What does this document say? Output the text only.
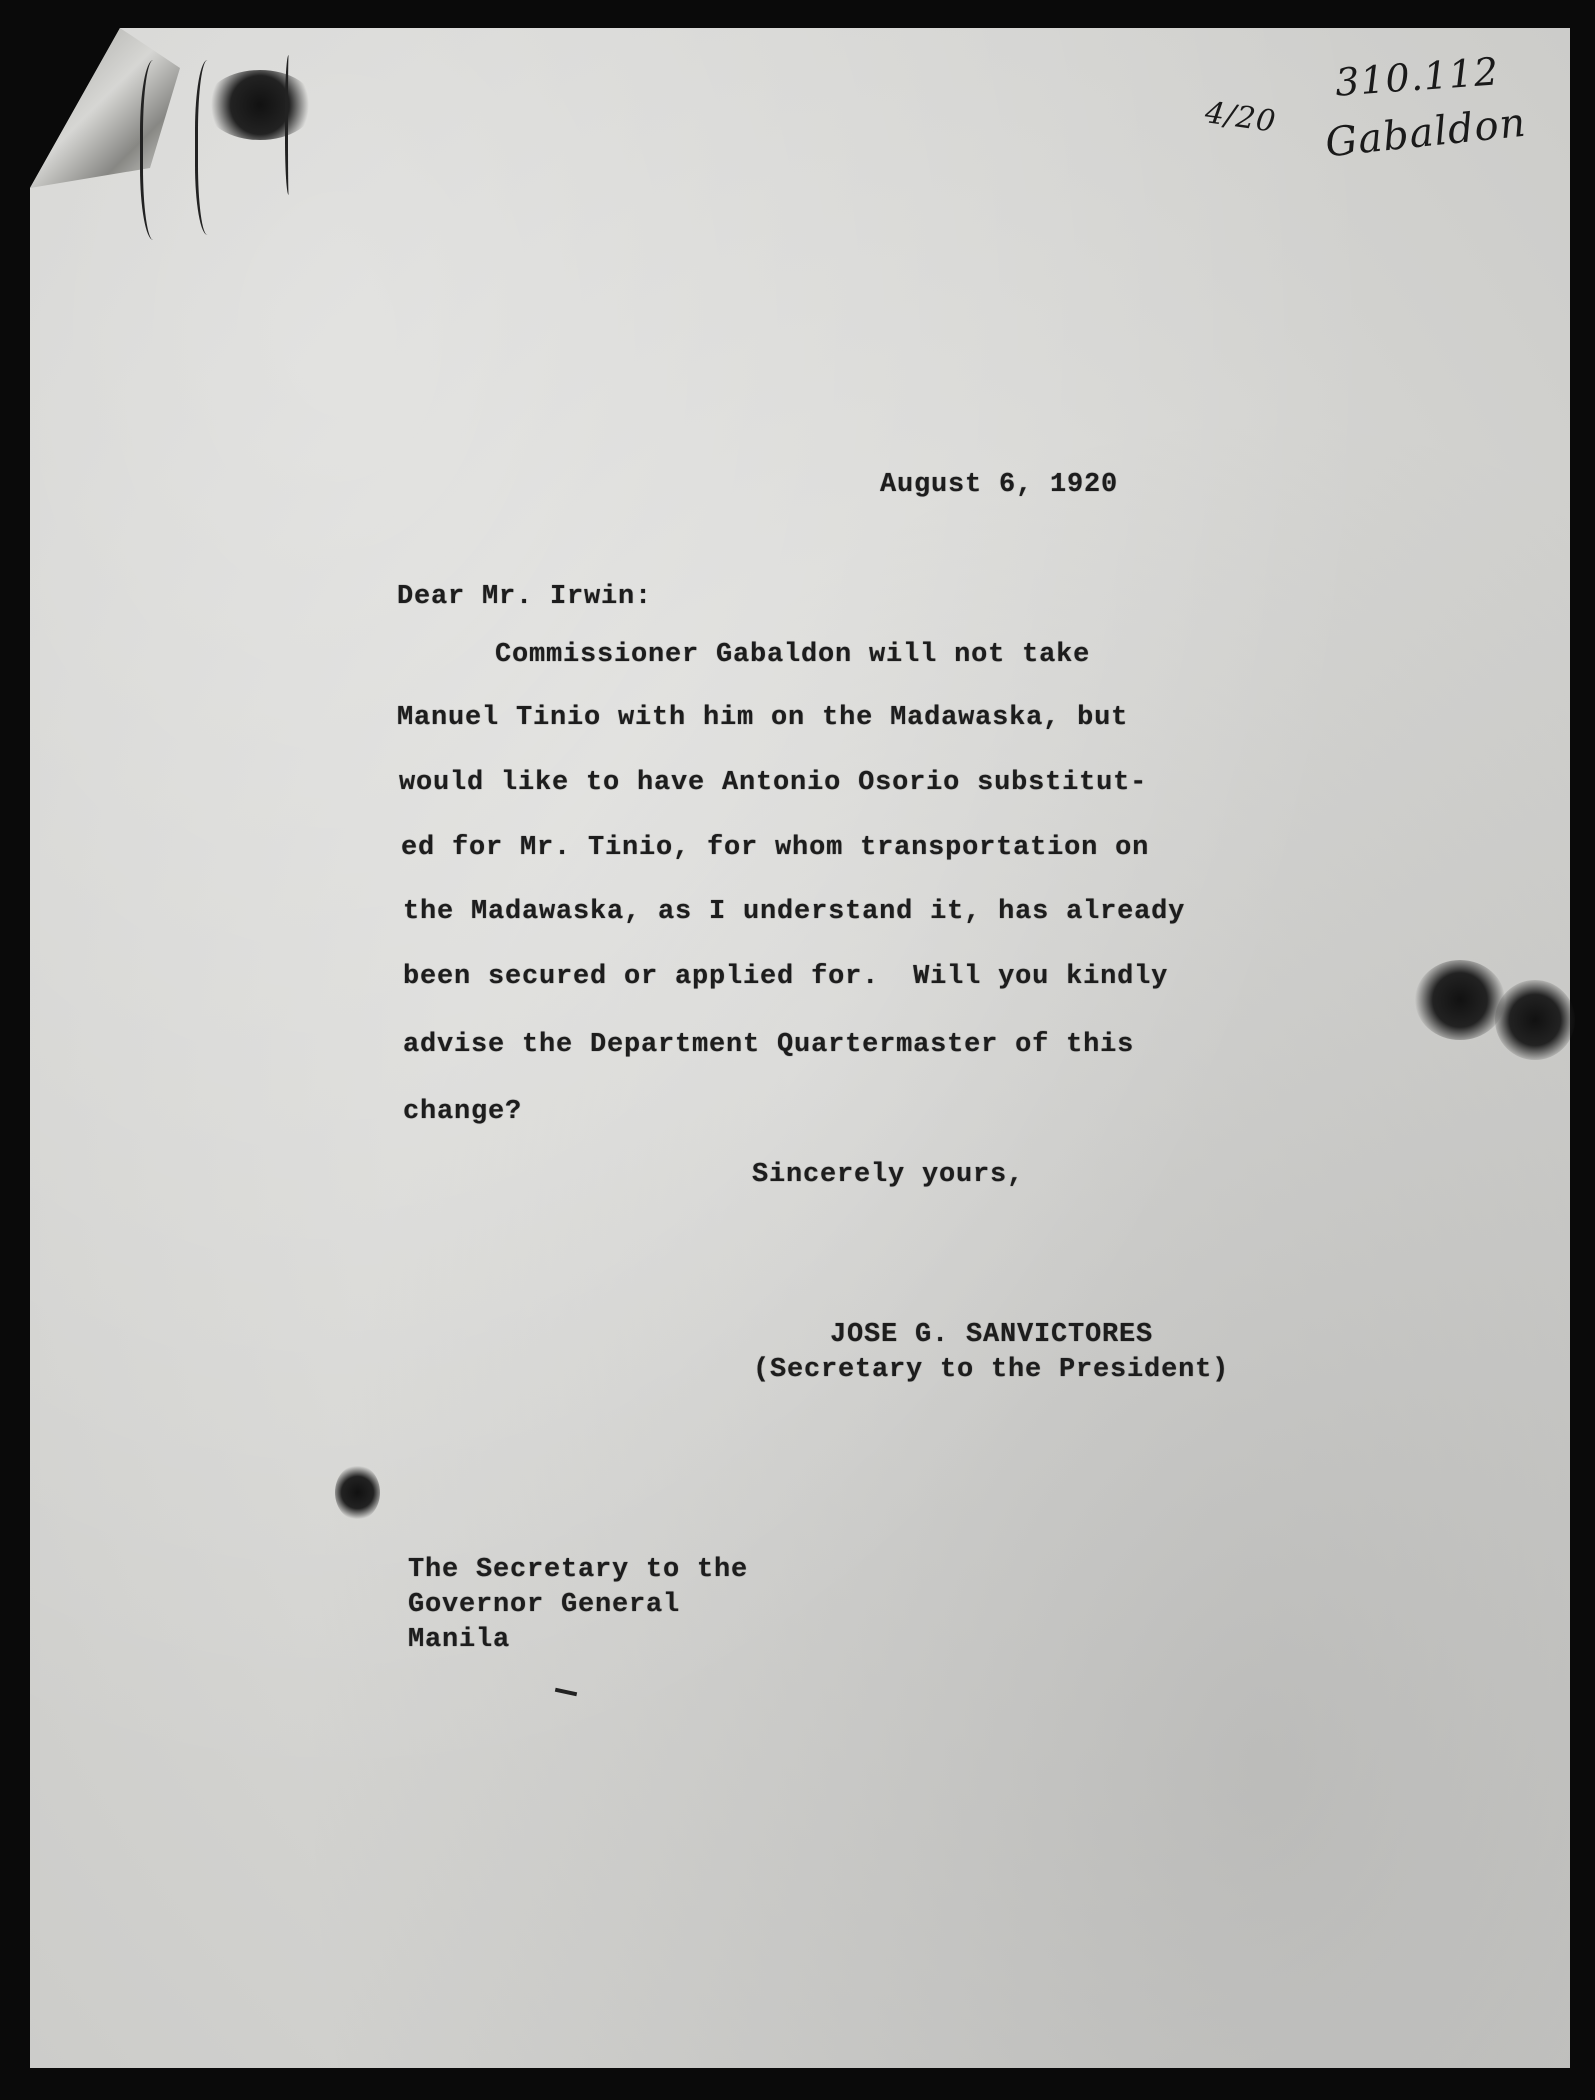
310.112
4/20 Gabaldon
August 6, 1920
Dear Mr. Irwin:
Commissioner Gabaldon will not take
Manuel Tinio with him on the Madawaska, but
would like to have Antonio Osorio substitut-
ed for Mr. Tinio, for whom transportation on
the Madawaska, as I understand it, has already
been secured or applied for.  Will you kindly
advise the Department Quartermaster of this
change?
Sincerely yours,
JOSE G. SANVICTORES
(Secretary to the President)
The Secretary to the
Governor General
Manila
